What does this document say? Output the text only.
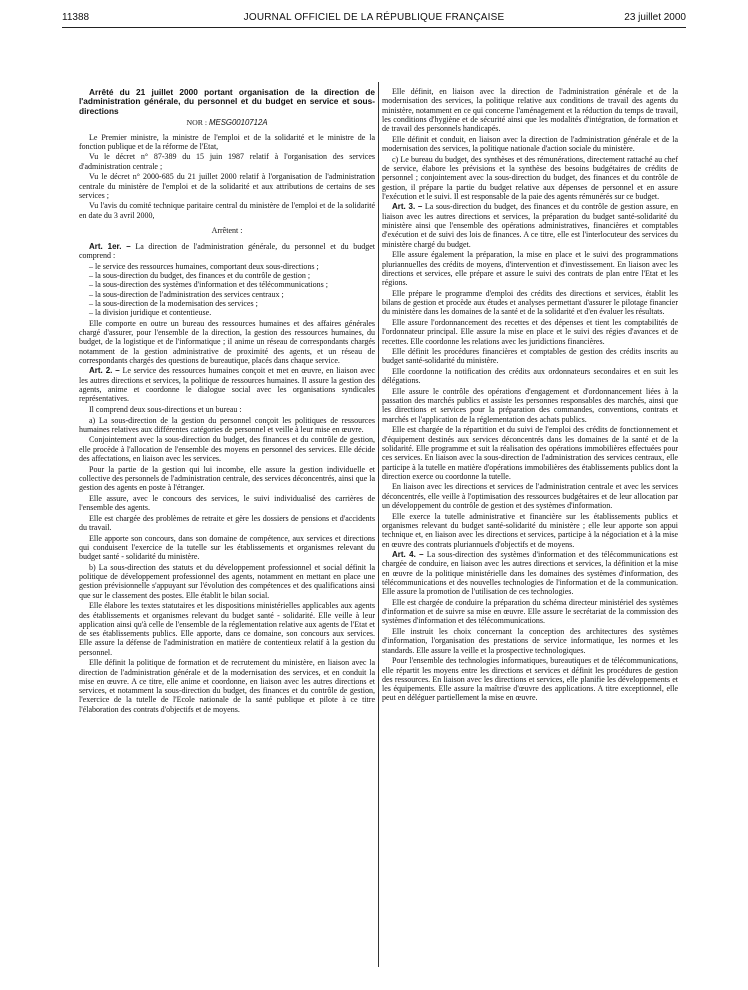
11388	JOURNAL OFFICIEL DE LA RÉPUBLIQUE FRANÇAISE	23 juillet 2000

Arrêté du 21 juillet 2000 portant organisation de la direction de l'administration générale, du personnel et du budget en service et sous-directions

NOR : MESG0010712A

Le Premier ministre, la ministre de l'emploi et de la solidarité et le ministre de la fonction publique et de la réforme de l'Etat,

Vu le décret n° 87-389 du 15 juin 1987 relatif à l'organisation des services d'administration centrale ;

Vu le décret n° 2000-685 du 21 juillet 2000 relatif à l'organisation de l'administration centrale du ministère de l'emploi et de la solidarité et aux attributions de certains de ses services ;

Vu l'avis du comité technique paritaire central du ministère de l'emploi et de la solidarité en date du 3 avril 2000,

Arrêtent :

Art. 1er. – La direction de l'administration générale, du personnel et du budget comprend :

– le service des ressources humaines, comportant deux sous-directions ;
– la sous-direction du budget, des finances et du contrôle de gestion ;
– la sous-direction des systèmes d'information et des télécommunications ;
– la sous-direction de l'administration des services centraux ;
– la sous-direction de la modernisation des services ;
– la division juridique et contentieuse.

Elle comporte en outre un bureau des ressources humaines et des affaires générales chargé d'assurer, pour l'ensemble de la direction, la gestion des ressources humaines, du budget, de la logistique et de l'informatique ; il anime un réseau de correspondants chargés notamment de la gestion administrative de proximité des agents, et un réseau de correspondants chargés des questions de bureautique, placés dans chaque service.

Art. 2. – Le service des ressources humaines conçoit et met en œuvre, en liaison avec les autres directions et services, la politique de ressources humaines. Il assure la gestion des agents, anime et coordonne le dialogue social avec les organisations syndicales représentatives.

Il comprend deux sous-directions et un bureau :

a) La sous-direction de la gestion du personnel conçoit les politiques de ressources humaines relatives aux différentes catégories de personnel et veille à leur mise en œuvre.

Conjointement avec la sous-direction du budget, des finances et du contrôle de gestion, elle procède à l'allocation de l'ensemble des moyens en personnel des services. Elle décide des affectations, en liaison avec les services.

Pour la partie de la gestion qui lui incombe, elle assure la gestion individuelle et collective des personnels de l'administration centrale, des services déconcentrés, ainsi que la gestion des agents en poste à l'étranger.

Elle assure, avec le concours des services, le suivi individualisé des carrières de l'ensemble des agents.

Elle est chargée des problèmes de retraite et gère les dossiers de pensions et d'accidents du travail.

Elle apporte son concours, dans son domaine de compétence, aux services et directions qui conduisent l'exercice de la tutelle sur les établissements et organismes relevant du budget santé - solidarité du ministère.

b) La sous-direction des statuts et du développement professionnel et social définit la politique de développement professionnel des agents, notamment en mettant en place une gestion prévisionnelle s'appuyant sur l'évolution des compétences et des qualifications ainsi que sur le classement des postes. Elle établit le bilan social.

Elle élabore les textes statutaires et les dispositions ministérielles applicables aux agents des établissements et organismes relevant du budget santé - solidarité. Elle veille à leur application ainsi qu'à celle de l'ensemble de la réglementation relative aux agents de l'Etat et de ses établissements publics. Elle apporte, dans ce domaine, son concours aux services. Elle assure la défense de l'administration en matière de contentieux relatif à la gestion du personnel.

Elle définit la politique de formation et de recrutement du ministère, en liaison avec la direction de l'administration générale et de la modernisation des services, et en conduit la mise en œuvre. A ce titre, elle anime et coordonne, en liaison avec les autres directions et services, et notamment la sous-direction du budget, des finances et du contrôle de gestion, l'exercice de la tutelle de l'Ecole nationale de la santé publique et pilote à ce titre l'élaboration des contrats d'objectifs et de moyens.

Elle définit, en liaison avec la direction de l'administration générale et de la modernisation des services, la politique relative aux conditions de travail des agents du ministère, notamment en ce qui concerne l'aménagement et la réduction du temps de travail, les conditions d'hygiène et de sécurité ainsi que les modalités d'intégration, de formation et de travail des personnels handicapés.

Elle définit et conduit, en liaison avec la direction de l'administration générale et de la modernisation des services, la politique nationale d'action sociale du ministère.

c) Le bureau du budget, des synthèses et des rémunérations, directement rattaché au chef de service, élabore les prévisions et la synthèse des besoins budgétaires de crédits de personnel ; conjointement avec la sous-direction du budget, des finances et du contrôle de gestion, il prépare la partie du budget relative aux dépenses de personnel et en assure l'exécution et le suivi. Il est responsable de la paie des agents rémunérés sur ce budget.

Art. 3. – La sous-direction du budget, des finances et du contrôle de gestion assure, en liaison avec les autres directions et services, la préparation du budget santé-solidarité du ministère ainsi que l'ensemble des opérations administratives, financières et comptables d'exécution et de suivi des lois de finances. A ce titre, elle est l'interlocuteur des services du ministère chargé du budget.

Elle assure également la préparation, la mise en place et le suivi des programmations pluriannuelles des crédits de moyens, d'intervention et d'investissement. En liaison avec les directions et services, elle prépare et assure le suivi des contrats de plan entre l'Etat et les régions.

Elle prépare le programme d'emploi des crédits des directions et services, établit les bilans de gestion et procède aux études et analyses permettant d'assurer le pilotage financier du ministère dans les domaines de la santé et de la solidarité et d'en évaluer les résultats.

Elle assure l'ordonnancement des recettes et des dépenses et tient les comptabilités de l'ordonnateur principal. Elle assure la mise en place et le suivi des régies d'avances et de recettes. Elle coordonne les relations avec les juridictions financières.

Elle définit les procédures financières et comptables de gestion des crédits inscrits au budget santé-solidarité du ministère.

Elle coordonne la notification des crédits aux ordonnateurs secondaires et en suit les délégations.

Elle assure le contrôle des opérations d'engagement et d'ordonnancement liées à la passation des marchés publics et assiste les personnes responsables des marchés, ainsi que les directions et services pour la préparation des commandes, conventions, contrats et marchés et l'application de la réglementation des achats publics.

Elle est chargée de la répartition et du suivi de l'emploi des crédits de fonctionnement et d'équipement destinés aux services déconcentrés dans les domaines de la santé et de la solidarité. Elle programme et suit la réalisation des opérations immobilières effectuées pour ces services. En liaison avec la sous-direction de l'administration des services centraux, elle participe à la tutelle en matière d'opérations immobilières des établissements publics dont la direction exerce ou coordonne la tutelle.

En liaison avec les directions et services de l'administration centrale et avec les services déconcentrés, elle veille à l'optimisation des ressources budgétaires et de leur allocation par un développement du contrôle de gestion et des systèmes d'information.

Elle exerce la tutelle administrative et financière sur les établissements publics et organismes relevant du budget santé-solidarité du ministère ; elle leur apporte son appui technique et, en liaison avec les directions et services, participe à la négociation et à la mise en œuvre des contrats pluriannuels d'objectifs et de moyens.

Art. 4. – La sous-direction des systèmes d'information et des télécommunications est chargée de conduire, en liaison avec les autres directions et services, la définition et la mise en œuvre de la politique ministérielle dans les domaines des systèmes d'information, des télécommunications et des nouvelles technologies de l'information et de la communication. Elle assure la promotion de l'utilisation de ces technologies.

Elle est chargée de conduire la préparation du schéma directeur ministériel des systèmes d'information et de suivre sa mise en œuvre. Elle assure le secrétariat de la commission des systèmes d'information et des télécommunications.

Elle instruit les choix concernant la conception des architectures des systèmes d'information, l'organisation des prestations de service informatique, les normes et les standards. Elle assure la veille et la prospective technologiques.

Pour l'ensemble des technologies informatiques, bureautiques et de télécommunications, elle répartit les moyens entre les directions et services et définit les procédures de gestion des ressources. En liaison avec les directions et services, elle planifie les développements et les équipements. Elle assure la maîtrise d'œuvre des applications. A titre exceptionnel, elle peut en déléguer partiellement la mise en œuvre.
